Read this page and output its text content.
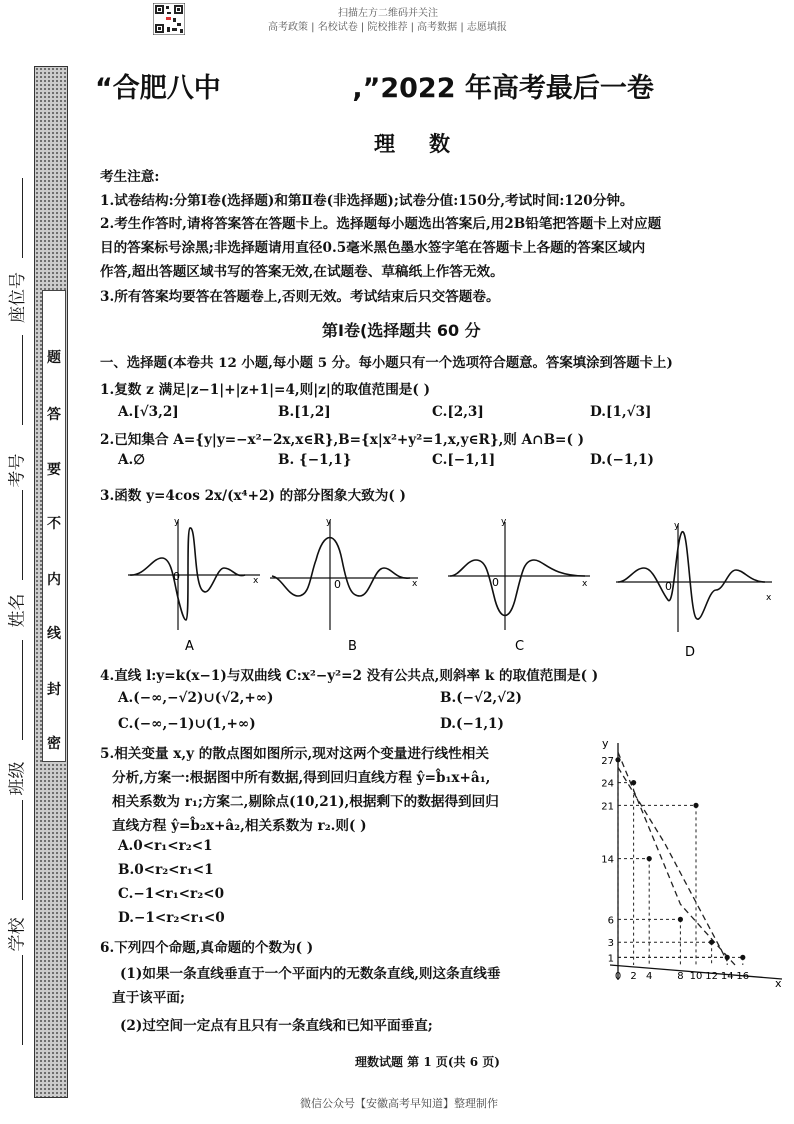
扫描左方二维码并关注
高考政策 | 名校试卷 | 院校推荐 | 高考数据 | 志愿填报
题
答
要
不
内
线
封
密
座位号
考号
姓名
班级
学校
“合肥八中              ,”2022 年高考最后一卷
理数
考生注意:
1.试卷结构:分第Ⅰ卷(选择题)和第Ⅱ卷(非选择题);试卷分值:150分,考试时间:120分钟。
2.考生作答时,请将答案答在答题卡上。选择题每小题选出答案后,用2B铅笔把答题卡上对应题
目的答案标号涂黑;非选择题请用直径0.5毫米黑色墨水签字笔在答题卡上各题的答案区域内
作答,超出答题区域书写的答案无效,在试题卷、草稿纸上作答无效。
3.所有答案均要答在答题卷上,否则无效。考试结束后只交答题卷。
第Ⅰ卷(选择题共 60 分
一、选择题(本卷共 12 小题,每小题 5 分。每小题只有一个选项符合题意。答案填涂到答题卡上)
1.复数 z 满足|z−1|+|z+1|=4,则|z|的取值范围是( )
A.[√3,2]	B.[1,2]	C.[2,3]	D.[1,√3]
2.已知集合 A={y|y=−x²−2x,x∈R},B={x|x²+y²=1,x,y∈R},则 A∩B=( )
A.∅	B. {−1,1}	C.[−1,1]	D.(−1,1)
3.函数 y=4cos 2x/(x⁴+2) 的部分图象大致为( )
0
y
x
A
0
y
x
B
0
y
x
C
0
y
x
D
4.直线 l:y=k(x−1)与双曲线 C:x²−y²=2 没有公共点,则斜率 k 的取值范围是( )
A.(−∞,−√2)∪(√2,+∞)	B.(−√2,√2)
C.(−∞,−1)∪(1,+∞)	D.(−1,1)
5.相关变量 x,y 的散点图如图所示,现对这两个变量进行线性相关
分析,方案一:根据图中所有数据,得到回归直线方程 ŷ=b̂₁x+â₁,
相关系数为 r₁;方案二,剔除点(10,21),根据剩下的数据得到回归
直线方程 ŷ=b̂₂x+â₂,相关系数为 r₂.则( )
A.0<r₁<r₂<1
B.0<r₂<r₁<1
C.−1<r₁<r₂<0
D.−1<r₂<r₁<0
y
x
27
24
21
14
6
3
1
0 2 4 8 10 12 14 16
6.下列四个命题,真命题的个数为( )
(1)如果一条直线垂直于一个平面内的无数条直线,则这条直线垂
直于该平面;
(2)过空间一定点有且只有一条直线和已知平面垂直;
理数试题 第 1 页(共 6 页)
微信公众号【安徽高考早知道】整理制作
